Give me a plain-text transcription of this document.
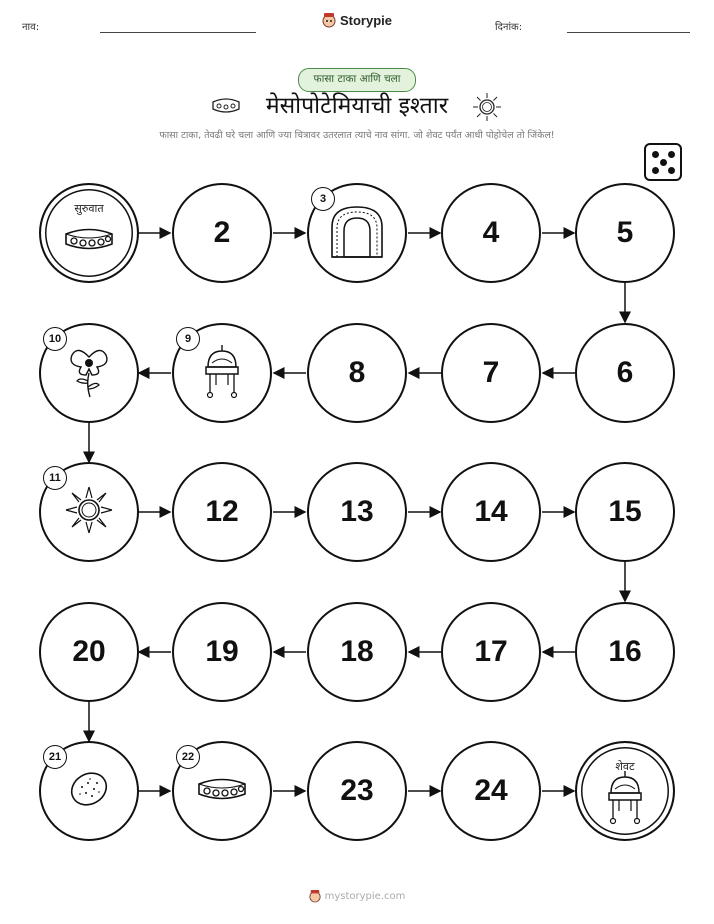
नाव:	Storypie	दिनांक:
फासा टाका आणि चला
मेसोपोटेमियाची इश्तार
फासा टाका, तेवढी घरे चला आणि ज्या चित्रावर उतरलात त्याचे नाव सांगा. जो शेवट पर्यंत आधी पोहोचेल तो जिंकेल!
सुरुवात
2
3
4	5
6
7
8
9
10
11
12	13	14	15
16
17
18
19
20
21	22
23	24
शेवट
mystorypie.com
